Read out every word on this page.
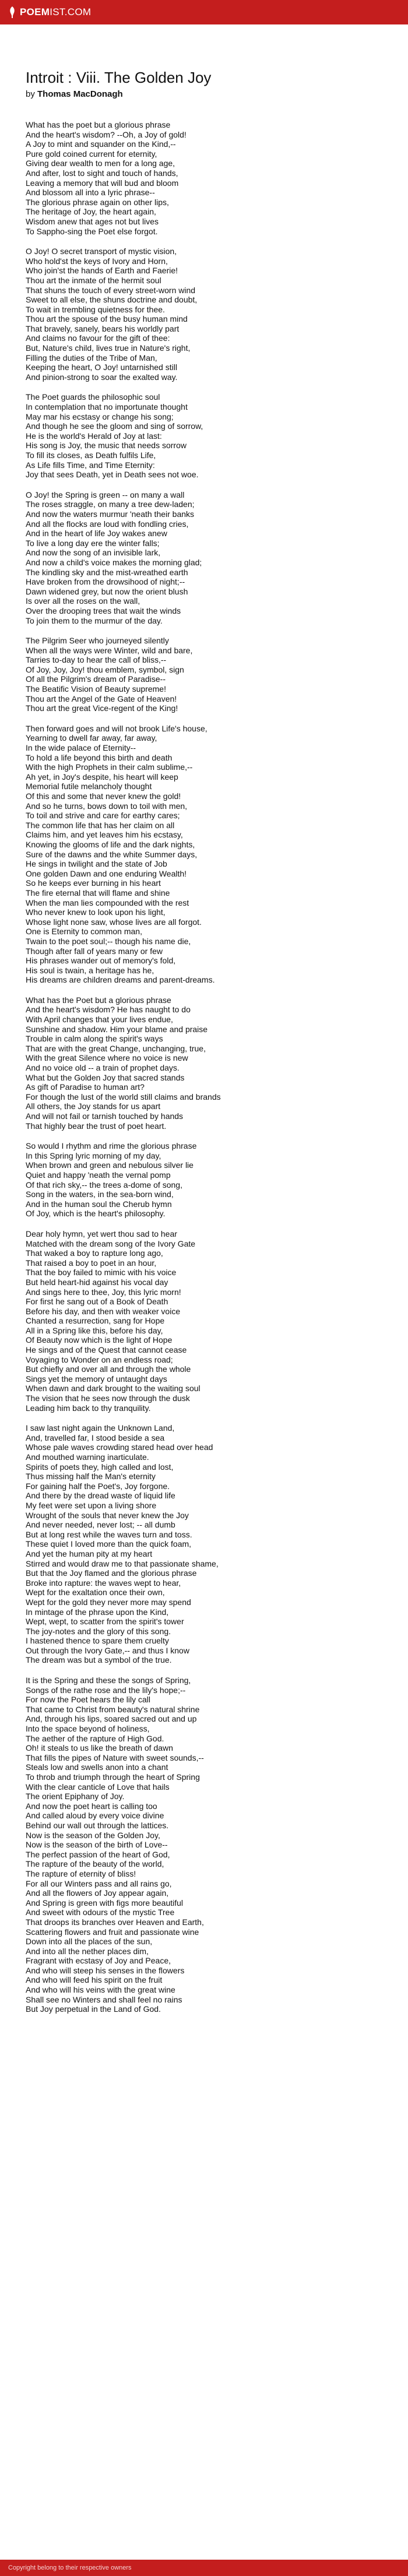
POEMIST.COM
Introit : Viii. The Golden Joy
by Thomas MacDonagh
What has the poet but a glorious phrase
And the heart's wisdom? --Oh, a Joy of gold!
A Joy to mint and squander on the Kind,--
Pure gold coined current for eternity,
Giving dear wealth to men for a long age,
And after, lost to sight and touch of hands,
Leaving a memory that will bud and bloom
And blossom all into a lyric phrase--
The glorious phrase again on other lips,
The heritage of Joy, the heart again,
Wisdom anew that ages not but lives
To Sappho-sing the Poet else forgot.
O Joy! O secret transport of mystic vision,
Who hold'st the keys of Ivory and Horn,
Who join'st the hands of Earth and Faerie!
Thou art the inmate of the hermit soul
That shuns the touch of every street-worn wind
Sweet to all else, the shuns doctrine and doubt,
To wait in trembling quietness for thee.
Thou art the spouse of the busy human mind
That bravely, sanely, bears his worldly part
And claims no favour for the gift of thee:
But, Nature's child, lives true in Nature's right,
Filling the duties of the Tribe of Man,
Keeping the heart, O Joy! untarnished still
And pinion-strong to soar the exalted way.
The Poet guards the philosophic soul
In contemplation that no importunate thought
May mar his ecstasy or change his song;
And though he see the gloom and sing of sorrow,
He is the world's Herald of Joy at last:
His song is Joy, the music that needs sorrow
To fill its closes, as Death fulfils Life,
As Life fills Time, and Time Eternity:
Joy that sees Death, yet in Death sees not woe.
O Joy! the Spring is green -- on many a wall
The roses straggle, on many a tree dew-laden;
And now the waters murmur 'neath their banks
And all the flocks are loud with fondling cries,
And in the heart of life Joy wakes anew
To live a long day ere the winter falls;
And now the song of an invisible lark,
And now a child's voice makes the morning glad;
The kindling sky and the mist-wreathed earth
Have broken from the drowsihood of night;--
Dawn widened grey, but now the orient blush
Is over all the roses on the wall,
Over the drooping trees that wait the winds
To join them to the murmur of the day.
The Pilgrim Seer who journeyed silently
When all the ways were Winter, wild and bare,
Tarries to-day to hear the call of bliss,--
Of Joy, Joy, Joy! thou emblem, symbol, sign
Of all the Pilgrim's dream of Paradise--
The Beatific Vision of Beauty supreme!
Thou art the Angel of the Gate of Heaven!
Thou art the great Vice-regent of the King!
Then forward goes and will not brook Life's house,
Yearning to dwell far away, far away,
In the wide palace of Eternity--
To hold a life beyond this birth and death
With the high Prophets in their calm sublime,--
Ah yet, in Joy's despite, his heart will keep
Memorial futile melancholy thought
Of this and some that never knew the gold!
And so he turns, bows down to toil with men,
To toil and strive and care for earthy cares;
The common life that has her claim on all
Claims him, and yet leaves him his ecstasy,
Knowing the glooms of life and the dark nights,
Sure of the dawns and the white Summer days,
He sings in twilight and the state of Job
One golden Dawn and one enduring Wealth!
So he keeps ever burning in his heart
The fire eternal that will flame and shine
When the man lies compounded with the rest
Who never knew to look upon his light,
Whose light none saw, whose lives are all forgot.
One is Eternity to common man,
Twain to the poet soul;-- though his name die,
Though after fall of years many or few
His phrases wander out of memory's fold,
His soul is twain, a heritage has he,
His dreams are children dreams and parent-dreams.
What has the Poet but a glorious phrase
And the heart's wisdom? He has naught to do
With April changes that your lives endue,
Sunshine and shadow. Him your blame and praise
Trouble in calm along the spirit's ways
That are with the great Change, unchanging, true,
With the great Silence where no voice is new
And no voice old -- a train of prophet days.
What but the Golden Joy that sacred stands
As gift of Paradise to human art?
For though the lust of the world still claims and brands
All others, the Joy stands for us apart
And will not fail or tarnish touched by hands
That highly bear the trust of poet heart.
So would I rhythm and rime the glorious phrase
In this Spring lyric morning of my day,
When brown and green and nebulous silver lie
Quiet and happy 'neath the vernal pomp
Of that rich sky,-- the trees a-dome of song,
Song in the waters, in the sea-born wind,
And in the human soul the Cherub hymn
Of Joy, which is the heart's philosophy.
Dear holy hymn, yet wert thou sad to hear
Matched with the dream song of the Ivory Gate
That waked a boy to rapture long ago,
That raised a boy to poet in an hour,
That the boy failed to mimic with his voice
But held heart-hid against his vocal day
And sings here to thee, Joy, this lyric morn!
For first he sang out of a Book of Death
Before his day, and then with weaker voice
Chanted a resurrection, sang for Hope
All in a Spring like this, before his day,
Of Beauty now which is the light of Hope
He sings and of the Quest that cannot cease
Voyaging to Wonder on an endless road;
But chiefly and over all and through the whole
Sings yet the memory of untaught days
When dawn and dark brought to the waiting soul
The vision that he sees now through the dusk
Leading him back to thy tranquility.
I saw last night again the Unknown Land,
And, travelled far, I stood beside a sea
Whose pale waves crowding stared head over head
And mouthed warning inarticulate.
Spirits of poets they, high called and lost,
Thus missing half the Man's eternity
For gaining half the Poet's, Joy forgone.
And there by the dread waste of liquid life
My feet were set upon a living shore
Wrought of the souls that never knew the Joy
And never needed, never lost; -- all dumb
But at long rest while the waves turn and toss.
These quiet I loved more than the quick foam,
And yet the human pity at my heart
Stirred and would draw me to that passionate shame,
But that the Joy flamed and the glorious phrase
Broke into rapture: the waves wept to hear,
Wept for the exaltation once their own,
Wept for the gold they never more may spend
In mintage of the phrase upon the Kind,
Wept, wept, to scatter from the spirit's tower
The joy-notes and the glory of this song.
I hastened thence to spare them cruelty
Out through the Ivory Gate,-- and thus I know
The dream was but a symbol of the true.
It is the Spring and these the songs of Spring,
Songs of the rathe rose and the lily's hope;--
For now the Poet hears the lily call
That came to Christ from beauty's natural shrine
And, through his lips, soared sacred out and up
Into the space beyond of holiness,
The aether of the rapture of High God.
Oh! it steals to us like the breath of dawn
That fills the pipes of Nature with sweet sounds,--
Steals low and swells anon into a chant
To throb and triumph through the heart of Spring
With the clear canticle of Love that hails
The orient Epiphany of Joy.
And now the poet heart is calling too
And called aloud by every voice divine
Behind our wall out through the lattices.
Now is the season of the Golden Joy,
Now is the season of the birth of Love--
The perfect passion of the heart of God,
The rapture of the beauty of the world,
The rapture of eternity of bliss!
For all our Winters pass and all rains go,
And all the flowers of Joy appear again,
And Spring is green with figs more beautiful
And sweet with odours of the mystic Tree
That droops its branches over Heaven and Earth,
Scattering flowers and fruit and passionate wine
Down into all the places of the sun,
And into all the nether places dim,
Fragrant with ecstasy of Joy and Peace,
And who will steep his senses in the flowers
And who will feed his spirit on the fruit
And who will his veins with the great wine
Shall see no Winters and shall feel no rains
But Joy perpetual in the Land of God.
Copyright belong to their respective owners
